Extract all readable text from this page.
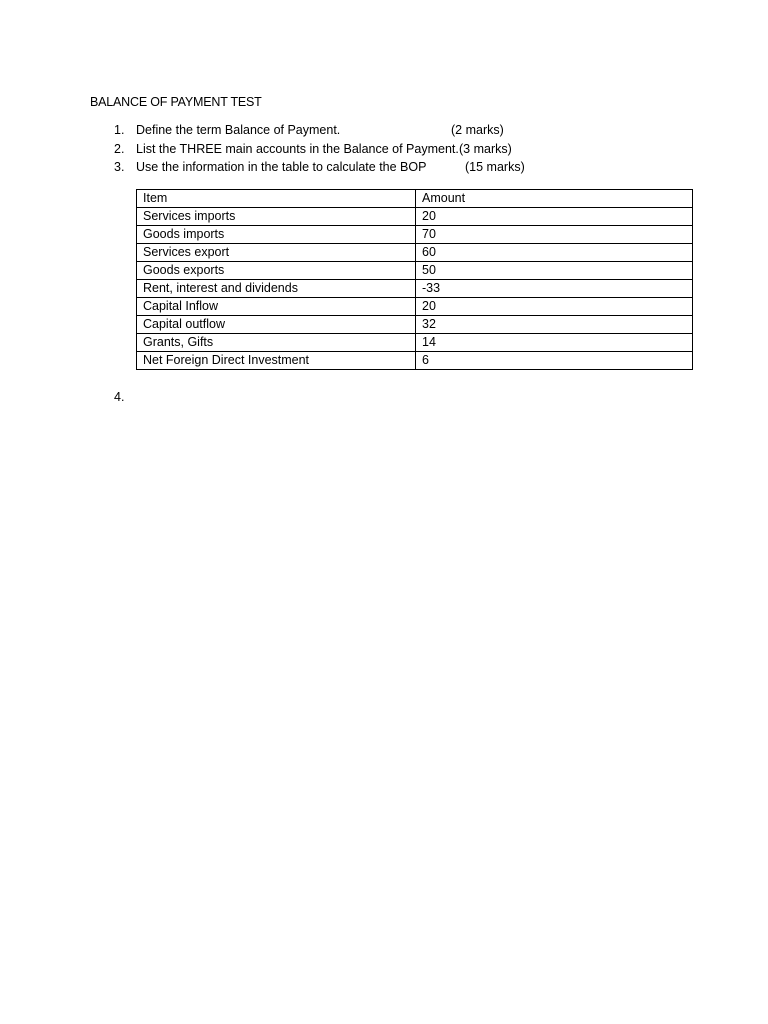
BALANCE OF PAYMENT TEST
1. Define the term Balance of Payment.	(2 marks)
2. List the THREE main accounts in the Balance of Payment. (3 marks)
3. Use the information in the table to calculate the BOP	(15 marks)
Item	Amount
Services imports	20
Goods imports	70
Services export	60
Goods exports	50
Rent, interest and dividends	-33
Capital Inflow	20
Capital outflow	32
Grants, Gifts	14
Net Foreign Direct Investment	6
4.
